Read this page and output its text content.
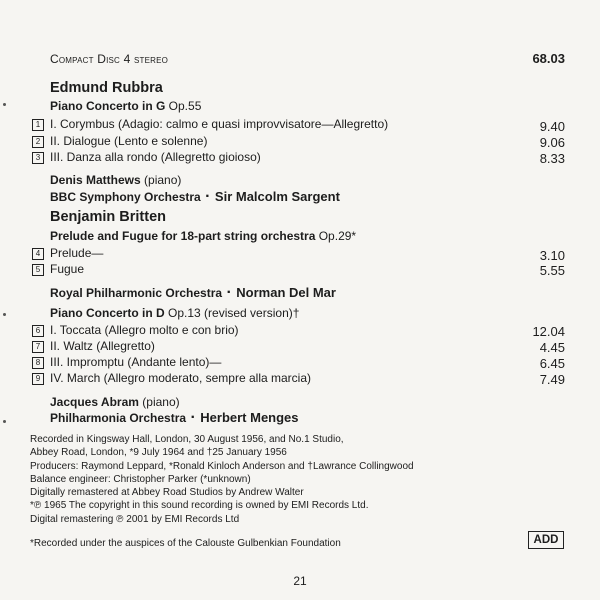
Compact Disc 4 stereo	68.03
Edmund Rubbra
Piano Concerto in G Op.55
1 I. Corymbus (Adagio: calmo e quasi improvvisatore—Allegretto)	9.40
2 II. Dialogue (Lento e solenne)	9.06
3 III. Danza alla rondo (Allegretto gioioso)	8.33
Denis Matthews (piano)
BBC Symphony Orchestra · Sir Malcolm Sargent
Benjamin Britten
Prelude and Fugue for 18-part string orchestra Op.29*
4 Prelude—	3.10
5 Fugue	5.55
Royal Philharmonic Orchestra · Norman Del Mar
Piano Concerto in D Op.13 (revised version)†
6 I. Toccata (Allegro molto e con brio)	12.04
7 II. Waltz (Allegretto)	4.45
8 III. Impromptu (Andante lento)—	6.45
9 IV. March (Allegro moderato, sempre alla marcia)	7.49
Jacques Abram (piano)
Philharmonia Orchestra · Herbert Menges
Recorded in Kingsway Hall, London, 30 August 1956, and No.1 Studio,
Abbey Road, London, *9 July 1964 and †25 January 1956
Producers: Raymond Leppard, *Ronald Kinloch Anderson and †Lawrance Collingwood
Balance engineer: Christopher Parker (*unknown)
Digitally remastered at Abbey Road Studios by Andrew Walter
*℗ 1965 The copyright in this sound recording is owned by EMI Records Ltd.
Digital remastering ℗ 2001 by EMI Records Ltd
*Recorded under the auspices of the Calouste Gulbenkian Foundation	ADD
21
